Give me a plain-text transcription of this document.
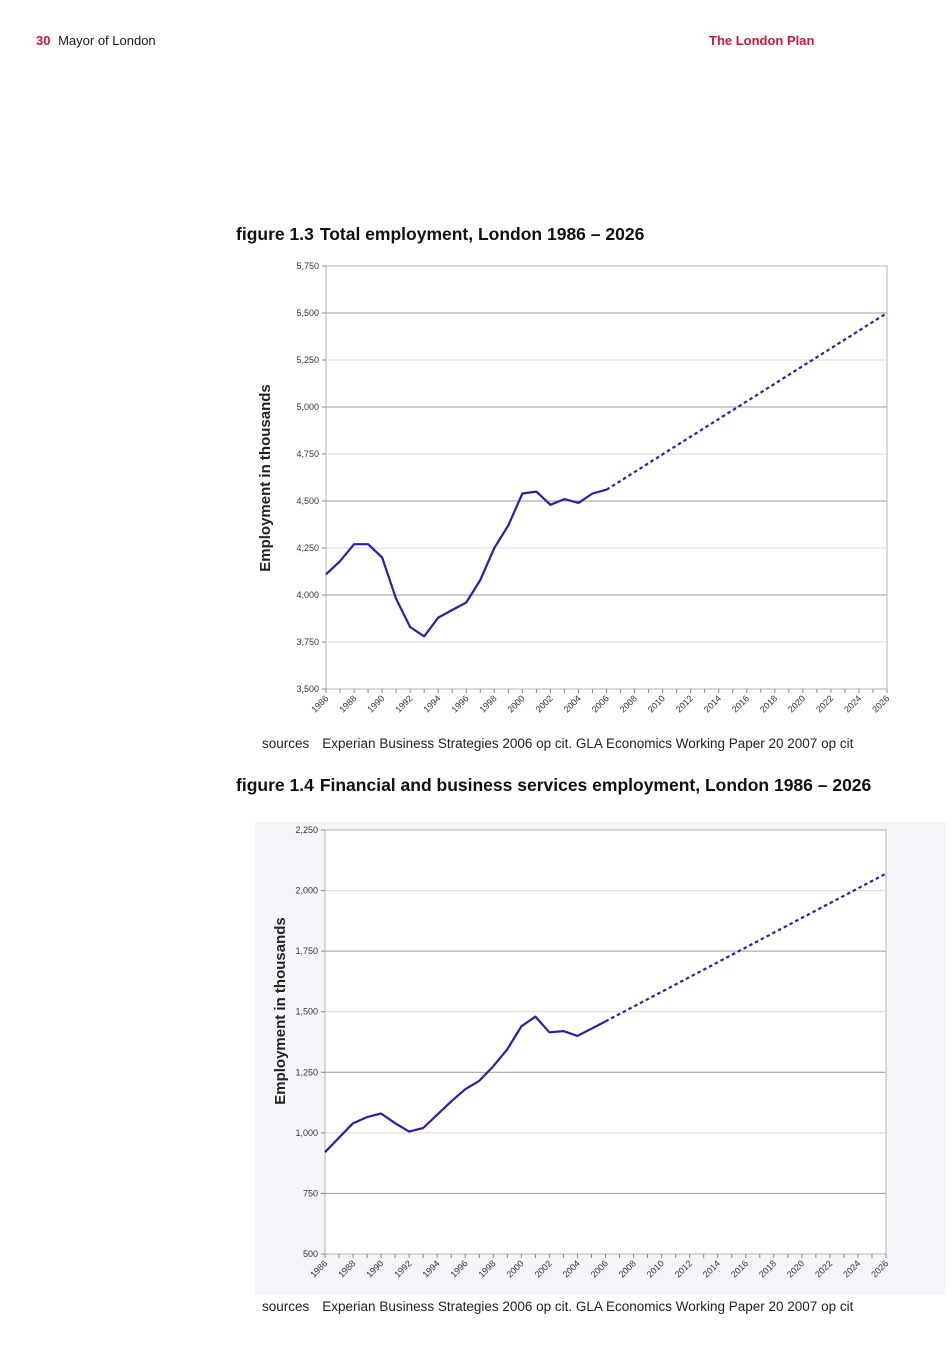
30 Mayor of London	The London Plan
figure 1.3 Total employment, London 1986 – 2026
3,500
3,750
4,000
4,250
4,500
4,750
5,000
5,250
5,500
5,750
1986 1988 1990 1992 1994 1996 1998 2000 2002 2004 2006 2008 2010 2012 2014 2016 2018 2020 2022 2024 2026
Employment in thousands
sources Experian Business Strategies 2006 op cit. GLA Economics Working Paper 20 2007 op cit
figure 1.4 Financial and business services employment, London 1986 – 2026
500
750
1,000
1,250
1,500
1,750
2,000
2,250
1986 1988 1990 1992 1994 1996 1998 2000 2002 2004 2006 2008 2010 2012 2014 2016 2018 2020 2022 2024 2026
Employment in thousands
sources Experian Business Strategies 2006 op cit. GLA Economics Working Paper 20 2007 op cit
